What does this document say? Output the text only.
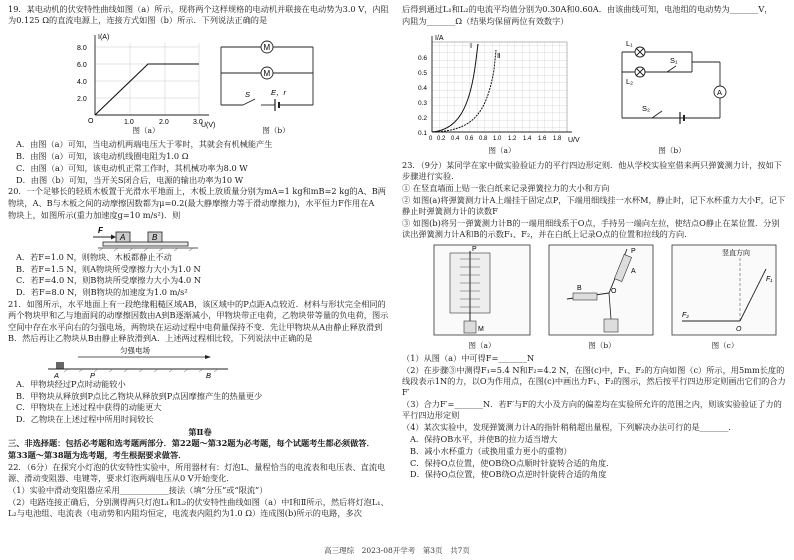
19．某电动机的伏安特性曲线如图（a）所示，现将两个这样规格的电动机并联接在电动势为3.0 V，内阻为0.125 Ω的直流电源上，连接方式如图（b）所示．下列说法正确的是

I(A)
U(V)
8.0
6.0
4.0
2.0
1.0	2.0	3.0
O
图（a）
M
M
S	E，r
图（b）

A．由图（a）可知，当电动机两端电压大于零时，其就会有机械能产生

B．由图（a）可知，该电动机线圈电阻为1.0 Ω

C．由图（a）可知，该电动机正常工作时，其机械功率为8.0 W

D．由图（b）可知，当开关S闭合后，电源的输出功率为10 W

20．一个足够长的轻质木板置于光滑水平地面上，木板上放质量分别为mA=1 kg和mB=2 kg的A、B两

物块，A、B与木板之间的动摩擦因数都为μ=0.2(最大静摩擦力等于滑动摩擦力)，水平恒力F作用在A

物块上，如图所示(重力加速度g=10 m/s²)．则

F
A	B

A．若F=1.0 N，则物块、木板都静止不动

B．若F=1.5 N，则A物块所受摩擦力大小为1.0 N

C．若F=4.0 N，则B物块所受摩擦力大小为4.0 N

D．若F=8.0 N，则B物块的加速度为1.0 m/s²

21．如图所示，水平地面上有一段绝缘粗糙区域AB，该区域中的P点距A点较近．材料与形状完全相同的两个物块甲和乙与地面间的动摩擦因数由A到B逐渐减小，甲物块带正电荷，乙物块带等量的负电荷，图示空间中存在水平向右的匀强电场，两物块在运动过程中电荷量保持不变．先让甲物块从A由静止释放滑到B．然后再让乙物块从B由静止释放滑到A．上述两过程相比较，下列说法中正确的是

匀强电场
A	P	B

A．甲物块经过P点时动能较小

B．甲物块从释放到P点比乙物块从释放到P点因摩擦产生的热量更少

C．甲物块在上述过程中获得的动能更大

D．乙物块在上述过程中所用时间较长

第Ⅱ卷

三、非选择题：包括必考题和选考题两部分．第22题～第32题为必考题，每个试题考生都必须做答．

第33题～第38题为选考题，考生根据要求做答．

22．（6分）在探究小灯泡的伏安特性实验中，所用器材有：灯泡L、量程恰当的电流表和电压表、直流电源、滑动变阻器、电键等，要求灯泡两端电压从0 V开始变化．

（1）实验中滑动变阻器应采用____________接法（填“分压”或“限流”）

（2）电路连接正确后，分别测得两只灯泡L₁和L₂的伏安特性曲线如图（a）中Ⅰ和Ⅱ所示，然后将灯泡L₁、L₂与电池组、电流表（电动势和内阻均恒定，电流表内阻约为1.0 Ω）连成图(b)所示的电路，多次

后得到通过L₁和L₂的电流平均值分别为0.30A和0.60A．由该曲线可知，电池组的电动势为_______V，

内阻为_______Ω（结果均保留两位有效数字）

Ⅰ
Ⅱ
I/A
U/V
0.6
0.5
0.4
0.3
0.2
0.1
0 0.2 0.4 0.6 0.8 1.0 1.2 1.4 1.6 1.8
图（a）
L₁
L₂
S₁
S₂
A
图（b）

23．（9分）某同学在家中做实验验证力的平行四边形定则．他从学校实验室借来两只弹簧测力计，按如下步骤进行实验．

① 在竖直墙面上贴一张白纸来记录弹簧拉力的大小和方向

② 如图(a)将弹簧测力计A上端挂于固定点P，下端用细线挂一水杯M，静止时，记下水杯重力大小F，记下静止时弹簧测力计的读数F

③ 如图(b)将另一弹簧测力计B的一端用细线系于O点，手持另一端向左拉，使结点O静止在某位置．分别读出弹簧测力计A和B的示数F₁、F₂，并在白纸上记录O点的位置和拉线的方向．

P
M
图（a）
P
A
B	O
图（b）
竖直方向
F₁
F₂
O
图（c）

（1）从图（a）中可得F=_______N

（2）在步骤③中测得F₁=5.4 N和F₂=4.2 N，在图(c)中，F₁、F₂的方向如图（c）所示，用5mm长度的线段表示1N的力，以O为作用点，在图(c)中画出力F₁、F₂的图示，然后按平行四边形定则画出它们的合力F′

（3）合力F′=_______N．若F′与F的大小及方向的偏差均在实验所允许的范围之内，则该实验验证了力的平行四边形定则

（4）某次实验中，发现弹簧测力计A的指针稍稍超出量程，下列解决办法可行的是_______．

A．保持OB水平，并使B的拉力适当增大

B．减小水杯重力（或换用重力更小的重物）

C．保持O点位置，使OB绕O点顺时针旋转合适的角度．

D．保持O点位置，使OB绕O点逆时针旋转合适的角度

高三理综　2023-08开学考　第3页　共7页
